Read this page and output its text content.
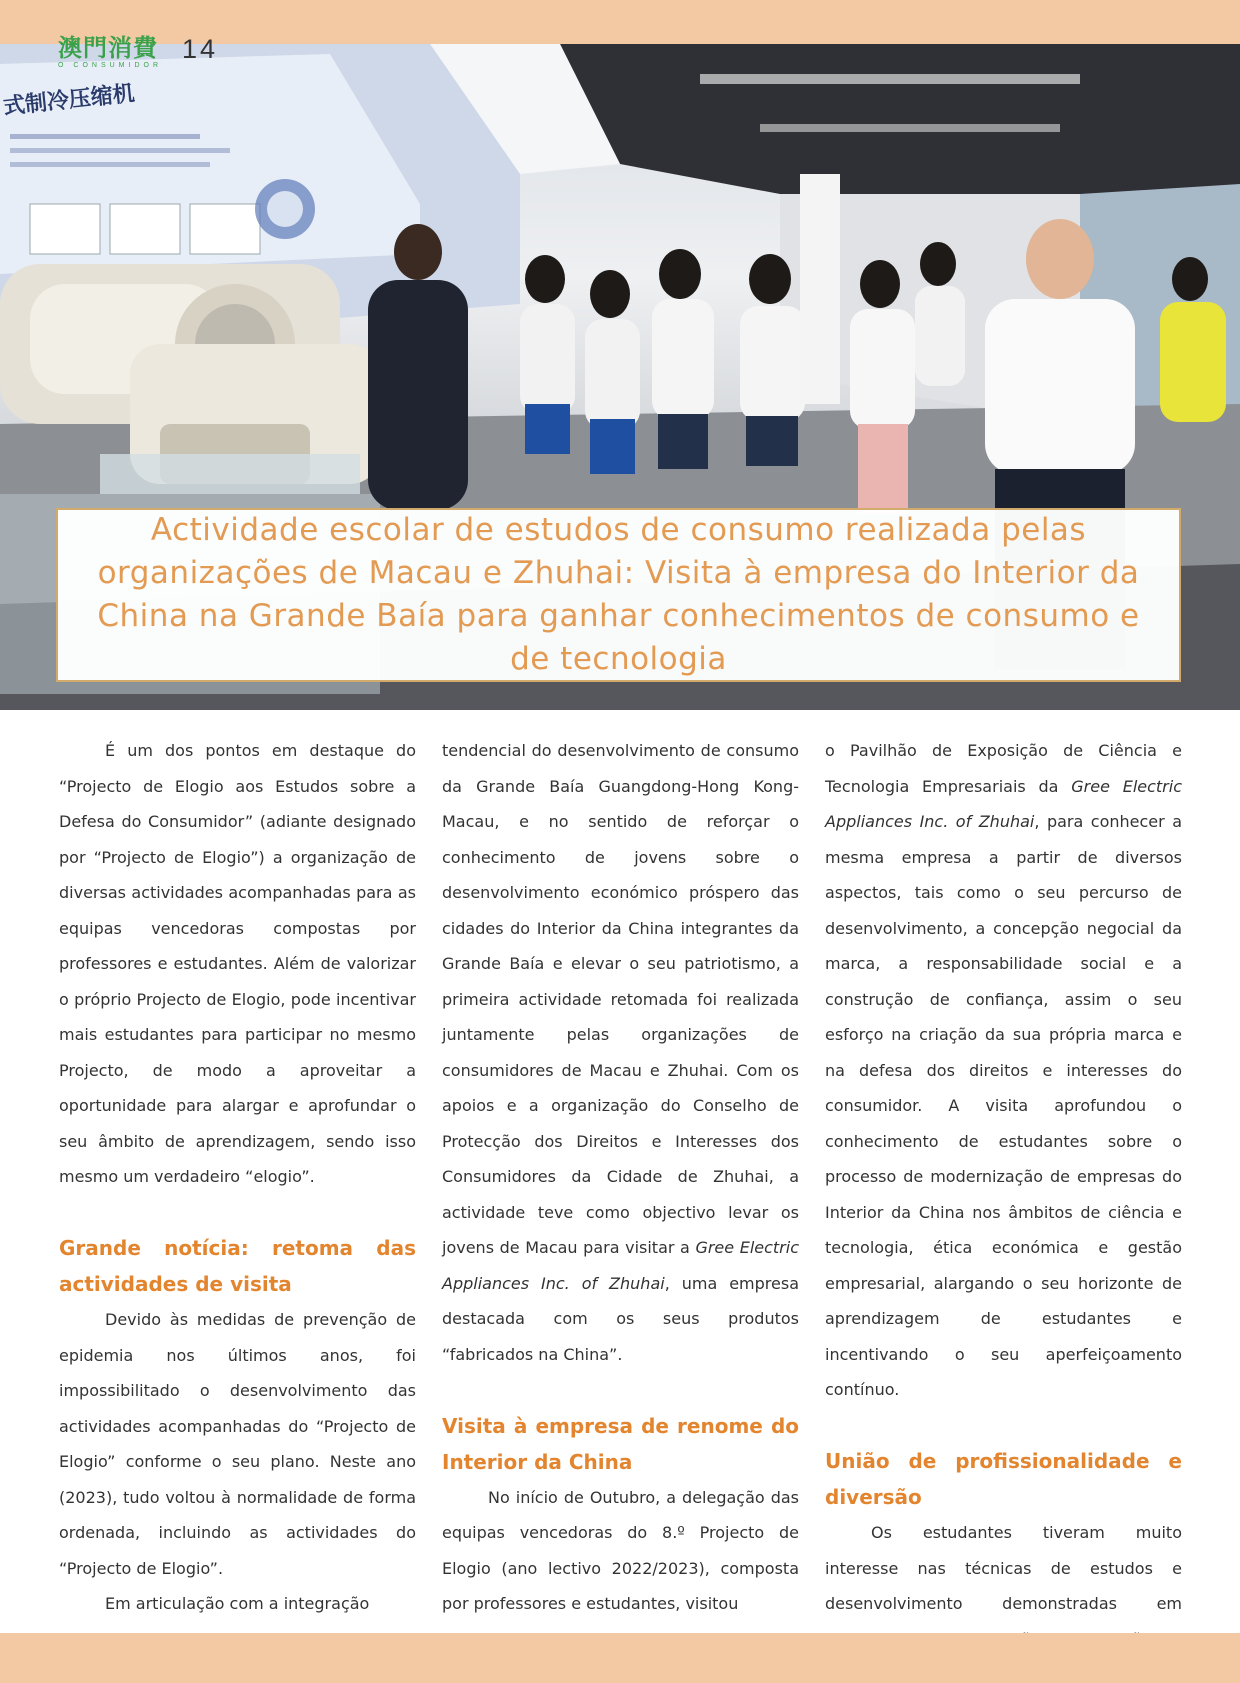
式制冷压缩机
澳門消費
O CONSUMIDOR
14
Actividade escolar de estudos de consumo realizada pelas organizações de Macau e Zhuhai: Visita à empresa do Interior da China na Grande Baía para ganhar conhecimentos de consumo e de tecnologia

É um dos pontos em destaque do “Projecto de Elogio aos Estudos sobre a Defesa do Consumidor” (adiante designado por “Projecto de Elogio”) a organização de diversas actividades acompanhadas para as equipas vencedoras compostas por professores e estudantes. Além de valorizar o próprio Projecto de Elogio, pode incentivar mais estudantes para participar no mesmo Projecto, de modo a aproveitar a oportunidade para alargar e aprofundar o seu âmbito de aprendizagem, sendo isso mesmo um verdadeiro “elogio”.

Grande notícia: retoma das actividades de visita

Devido às medidas de prevenção de epidemia nos últimos anos, foi impossibilitado o desenvolvimento das actividades acompanhadas do “Projecto de Elogio” conforme o seu plano. Neste ano (2023), tudo voltou à normalidade de forma ordenada, incluindo as actividades do “Projecto de Elogio”.

Em articulação com a integração

tendencial do desenvolvimento de consumo da Grande Baía Guangdong-Hong Kong-Macau, e no sentido de reforçar o conhecimento de jovens sobre o desenvolvimento económico próspero das cidades do Interior da China integrantes da Grande Baía e elevar o seu patriotismo, a primeira actividade retomada foi realizada juntamente pelas organizações de consumidores de Macau e Zhuhai. Com os apoios e a organização do Conselho de Protecção dos Direitos e Interesses dos Consumidores da Cidade de Zhuhai, a actividade teve como objectivo levar os jovens de Macau para visitar a Gree Electric Appliances Inc. of Zhuhai, uma empresa destacada com os seus produtos “fabricados na China”.

Visita à empresa de renome do Interior da China

No início de Outubro, a delegação das equipas vencedoras do 8.º Projecto de Elogio (ano lectivo 2022/2023), composta por professores e estudantes, visitou

o Pavilhão de Exposição de Ciência e Tecnologia Empresariais da Gree Electric Appliances Inc. of Zhuhai, para conhecer a mesma empresa a partir de diversos aspectos, tais como o seu percurso de desenvolvimento, a concepção negocial da marca, a responsabilidade social e a construção de confiança, assim o seu esforço na criação da sua própria marca e na defesa dos direitos e interesses do consumidor. A visita aprofundou o conhecimento de estudantes sobre o processo de modernização de empresas do Interior da China nos âmbitos de ciência e tecnologia, ética económica e gestão empresarial, alargando o seu horizonte de aprendizagem de estudantes e incentivando o seu aperfeiçoamento contínuo.

União de profissionalidade e diversão

Os estudantes tiveram muito interesse nas técnicas de estudos e desenvolvimento demonstradas em
